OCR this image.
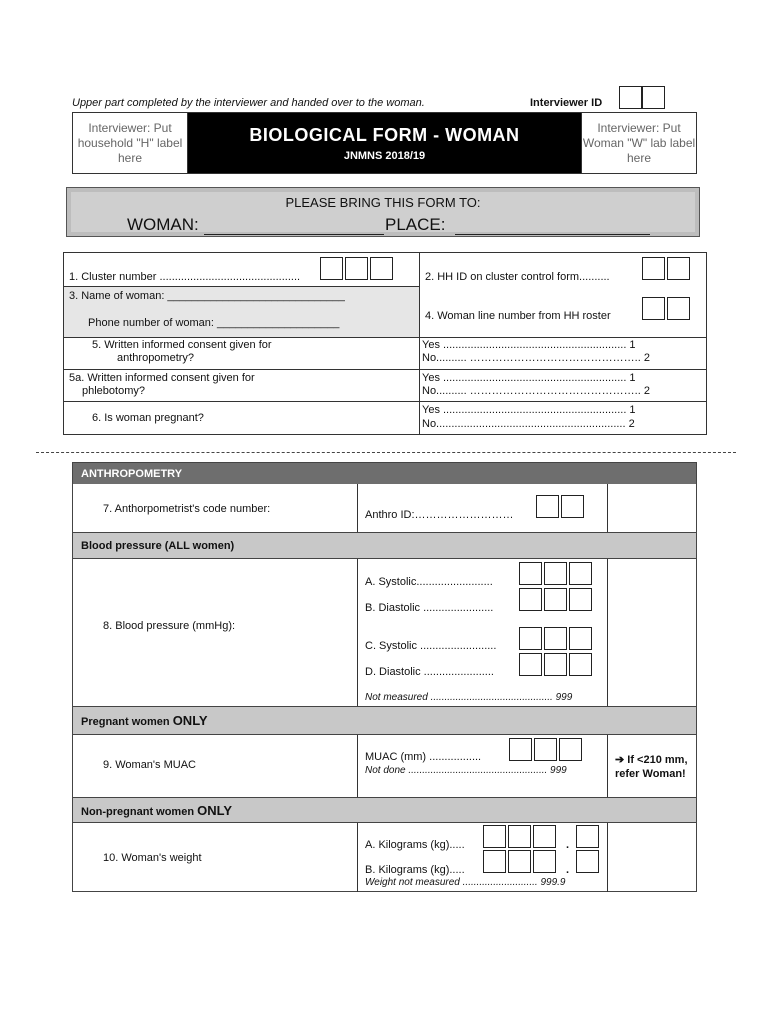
Upper part completed by the interviewer and handed over to the woman.	Interviewer ID
Interviewer: Put household "H" label here
BIOLOGICAL FORM - WOMAN
JNMNS 2018/19
Interviewer: Put Woman "W" lab label here
PLEASE BRING THIS FORM TO:
WOMAN:	PLACE:
1. Cluster number ..............................................	2. HH ID on cluster control form..........
3. Name of woman: _____________________________
Phone number of woman: ____________________
4. Woman line number from HH roster
5. Written informed consent given for
anthropometry?
Yes ............................................................ 1
No.......... ……………………………………….. 2
5a. Written informed consent given for
phlebotomy?
Yes ............................................................ 1
No.......... ……………………………………….. 2
6. Is woman pregnant?
Yes ............................................................ 1
No.............................................................. 2
ANTHROPOMETRY
7. Anthorpometrist's code number:	Anthro ID:………………………
Blood pressure (ALL women)
8. Blood pressure (mmHg):
A. Systolic.........................
B. Diastolic .......................
C. Systolic .........................
D. Diastolic .......................
Not measured ............................................ 999
Pregnant women ONLY
9. Woman's MUAC
MUAC (mm) .................
Not done .................................................. 999
➔ If <210 mm, refer Woman!
Non-pregnant women ONLY
10. Woman's weight
A. Kilograms (kg).....	.
B. Kilograms (kg).....	.
Weight not measured ........................... 999.9
